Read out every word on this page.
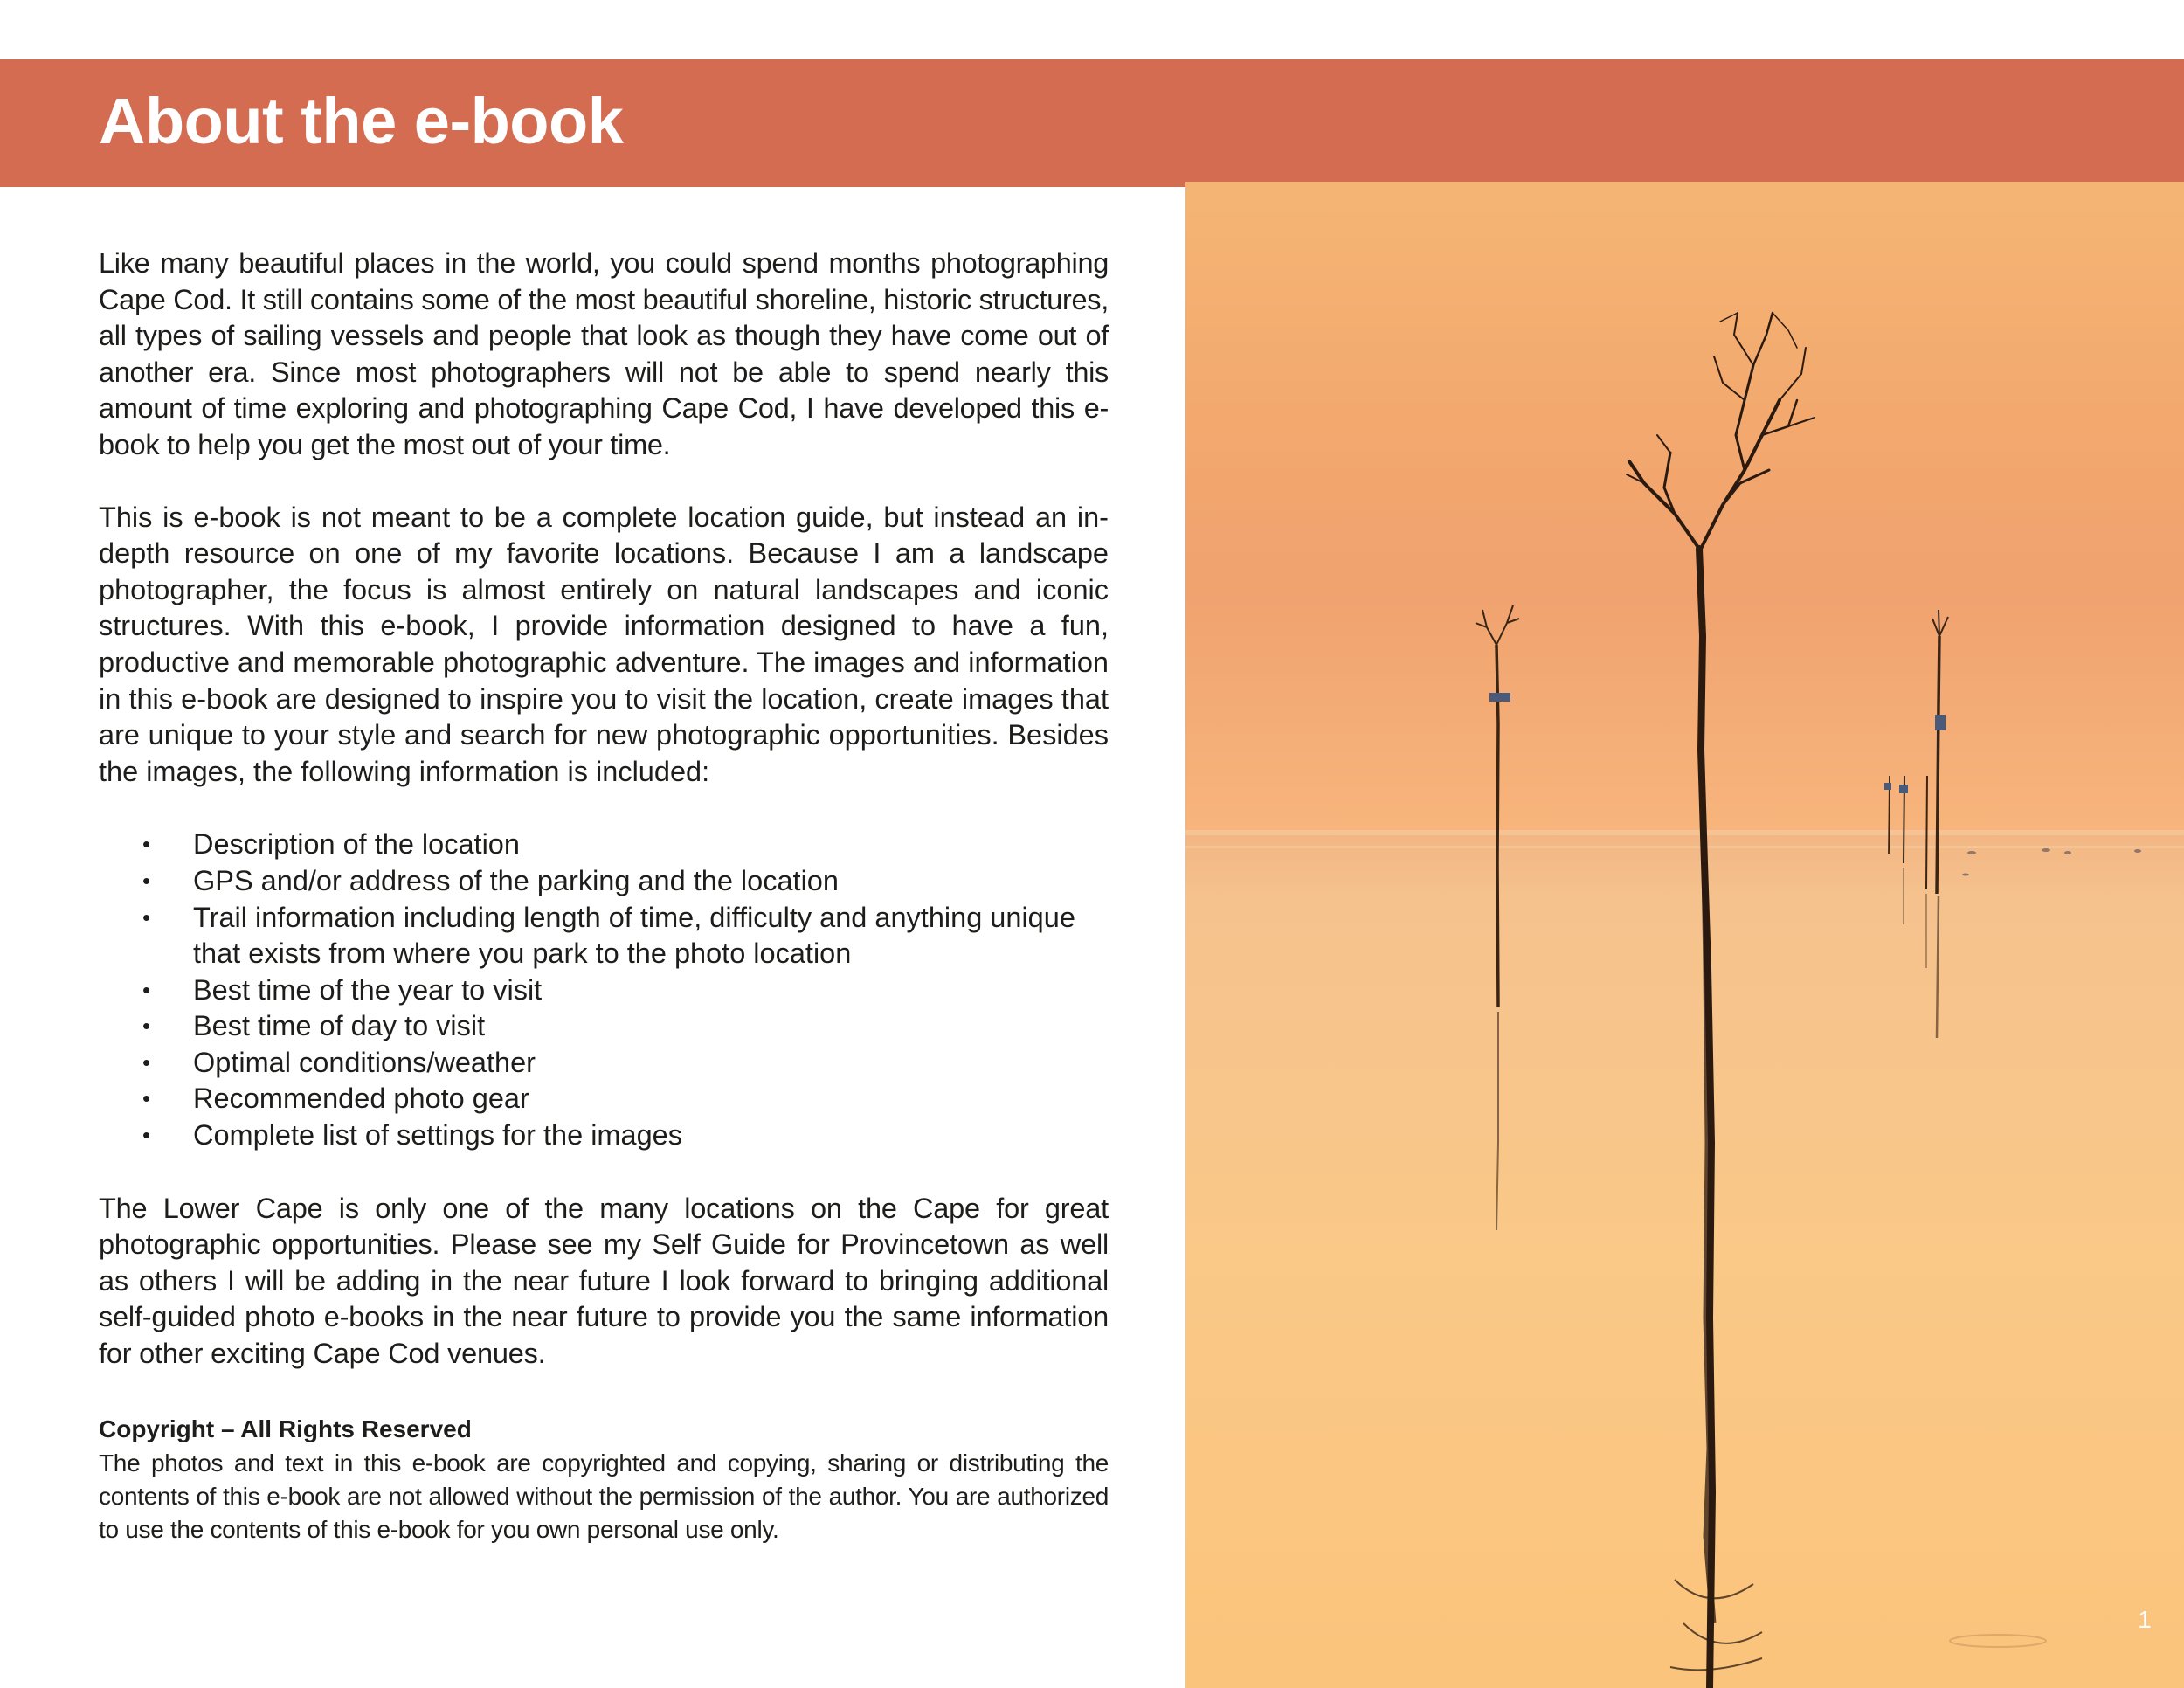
About the e-book

Like many beautiful places in the world, you could spend months photographing Cape Cod. It still contains some of the most beautiful shoreline, historic structures, all types of sailing vessels and people that look as though they have come out of another era. Since most photographers will not be able to spend nearly this amount of time exploring and photographing Cape Cod, I have developed this e-book to help you get the most out of your time.

This is e-book is not meant to be a complete location guide, but instead an in-depth resource on one of my favorite locations. Because I am a landscape photographer, the focus is almost entirely on natural landscapes and iconic structures. With this e-book, I provide information designed to have a fun, productive and memorable photographic adventure. The images and information in this e-book are designed to inspire you to visit the location, create images that are unique to your style and search for new photographic opportunities. Besides the images, the following information is included:

• Description of the location
• GPS and/or address of the parking and the location
• Trail information including length of time, difficulty and anything unique that exists from where you park to the photo location
• Best time of the year to visit
• Best time of day to visit
• Optimal conditions/weather
• Recommended photo gear
• Complete list of settings for the images

The Lower Cape is only one of the many locations on the Cape for great photographic opportunities. Please see my Self Guide for Provincetown as well as others I will be adding in the near future I look forward to bringing additional self-guided photo e-books in the near future to provide you the same information for other exciting Cape Cod venues.

Copyright – All Rights Reserved

The photos and text in this e-book are copyrighted and copying, sharing or distributing the contents of this e-book are not allowed without the permission of the author. You are authorized to use the contents of this e-book for you own personal use only.

1
